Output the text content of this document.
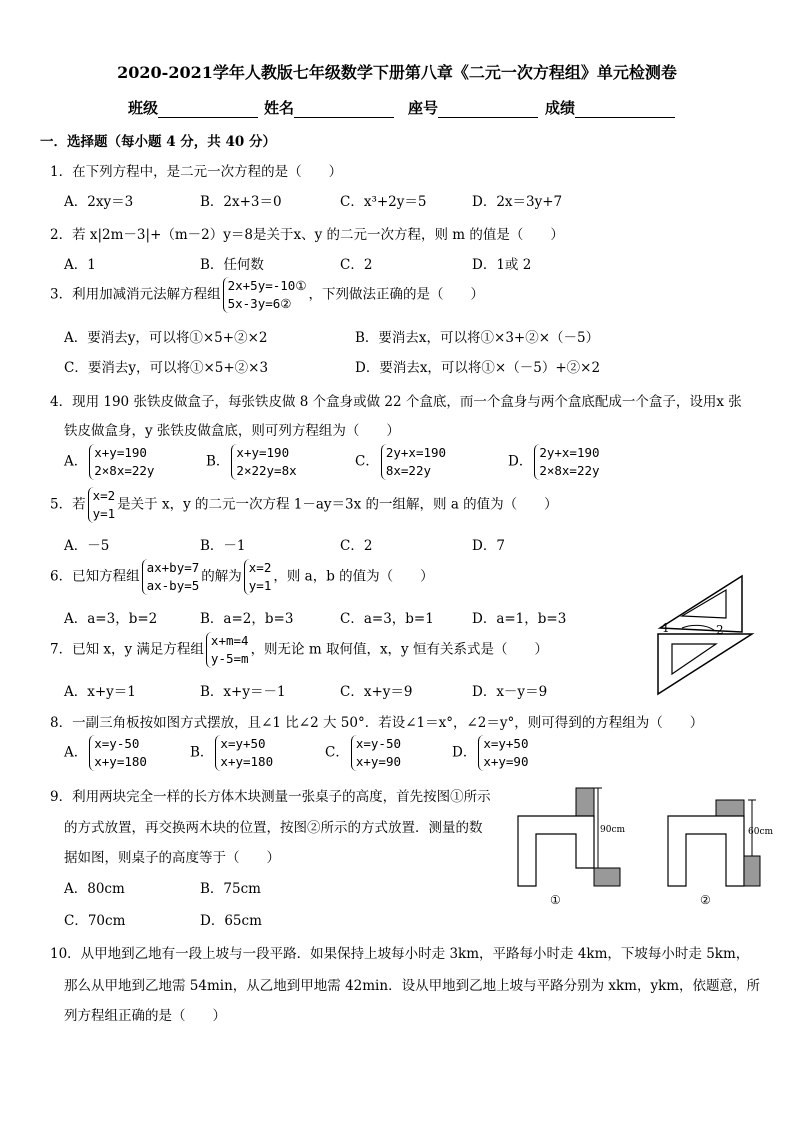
2020-2021学年人教版七年级数学下册第八章《二元一次方程组》单元检测卷
班级	姓名	座号	成绩
一．选择题（每小题 4 分，共 40 分）
1．在下列方程中，是二元一次方程的是（　　）
A．2xy＝3	B．2x+3＝0	C．x³+2y＝5	D．2x＝3y+7
2．若 x|2m－3|+（m－2）y＝8是关于x、y 的二元一次方程，则 m 的值是（　　）
A．1	B．任何数	C．2	D．1或 2
3．利用加减消元法解方程组
2x+5y=-10①
5x-3y=6②
，下列做法正确的是（　　）
A．要消去y，可以将①×5+②×2	B．要消去x，可以将①×3+②×（－5）
C．要消去y，可以将①×5+②×3	D．要消去x，可以将①×（－5）+②×2
4．现用 190 张铁皮做盒子，每张铁皮做 8 个盒身或做 22 个盒底，而一个盒身与两个盒底配成一个盒子，设用x 张
铁皮做盒身，y 张铁皮做盒底，则可列方程组为（　　）
A．
x+y=190
2×8x=22y
B．
x+y=190
2×22y=8x
C．
2y+x=190
8x=22y
D．
2y+x=190
2×8x=22y
5．若
x=2
y=1
是关于 x，y 的二元一次方程 1－ay＝3x 的一组解，则 a 的值为（　　）
A．－5	B．－1	C．2	D．7
6．已知方程组
ax+by=7
ax-by=5
的解为
x=2
y=1
，则 a，b 的值为（　　）
A．a=3，b=2	B．a=2，b=3	C．a=3，b=1	D．a=1，b=3
7．已知 x，y 满足方程组
x+m=4
y-5=m
，则无论 m 取何值，x，y 恒有关系式是（　　）
A．x+y＝1	B．x+y＝－1	C．x+y＝9	D．x－y＝9
1	2
8．一副三角板按如图方式摆放，且∠1 比∠2 大 50°．若设∠1＝x°，∠2＝y°，则可得到的方程组为（　　）
A．
x=y-50
x+y=180
B．
x=y+50
x+y=180
C．
x=y-50
x+y=90
D．
x=y+50
x+y=90
9．利用两块完全一样的长方体木块测量一张桌子的高度，首先按图①所示
的方式放置，再交换两木块的位置，按图②所示的方式放置．测量的数
据如图，则桌子的高度等于（　　）
A．80cm	B．75cm
C．70cm	D．65cm
90cm
①
60cm
②
10．从甲地到乙地有一段上坡与一段平路．如果保持上坡每小时走 3km，平路每小时走 4km，下坡每小时走 5km，
那么从甲地到乙地需 54min，从乙地到甲地需 42min．设从甲地到乙地上坡与平路分别为 xkm，ykm，依题意，所
列方程组正确的是（　　）
